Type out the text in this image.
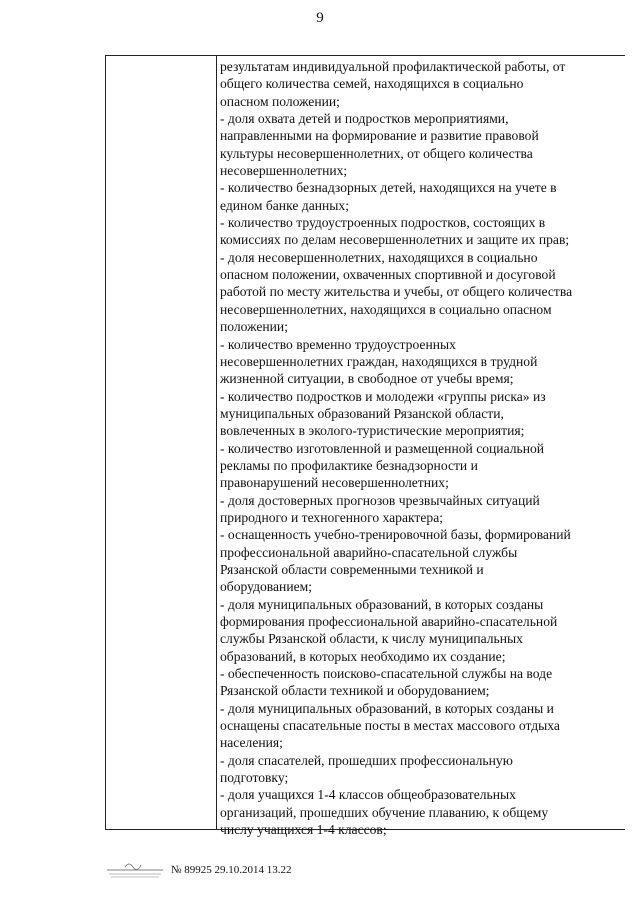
9
результатам индивидуальной профилактической работы, от
общего количества семей, находящихся в социально
опасном положении;
- доля охвата детей и подростков мероприятиями,
направленными на формирование и развитие правовой
культуры несовершеннолетних, от общего количества
несовершеннолетних;
- количество безнадзорных детей, находящихся на учете в
едином банке данных;
- количество трудоустроенных подростков, состоящих в
комиссиях по делам несовершеннолетних и защите их прав;
- доля несовершеннолетних, находящихся в социально
опасном положении, охваченных спортивной и досуговой
работой по месту жительства и учебы, от общего количества
несовершеннолетних, находящихся в социально опасном
положении;
- количество временно трудоустроенных
несовершеннолетних граждан, находящихся в трудной
жизненной ситуации, в свободное от учебы время;
- количество подростков и молодежи «группы риска» из
муниципальных образований Рязанской области,
вовлеченных в эколого-туристические мероприятия;
- количество изготовленной и размещенной социальной
рекламы по профилактике безнадзорности и
правонарушений несовершеннолетних;
- доля достоверных прогнозов чрезвычайных ситуаций
природного и техногенного характера;
- оснащенность учебно-тренировочной базы, формирований
профессиональной аварийно-спасательной службы
Рязанской области современными техникой и
оборудованием;
- доля муниципальных образований, в которых созданы
формирования профессиональной аварийно-спасательной
службы Рязанской области, к числу муниципальных
образований, в которых необходимо их создание;
- обеспеченность поисково-спасательной службы на воде
Рязанской области техникой и оборудованием;
- доля муниципальных образований, в которых созданы и
оснащены спасательные посты в местах массового отдыха
населения;
- доля спасателей, прошедших профессиональную
подготовку;
- доля учащихся 1-4 классов общеобразовательных
организаций, прошедших обучение плаванию, к общему
числу учащихся 1-4 классов;
№ 89925 29.10.2014 13.22
